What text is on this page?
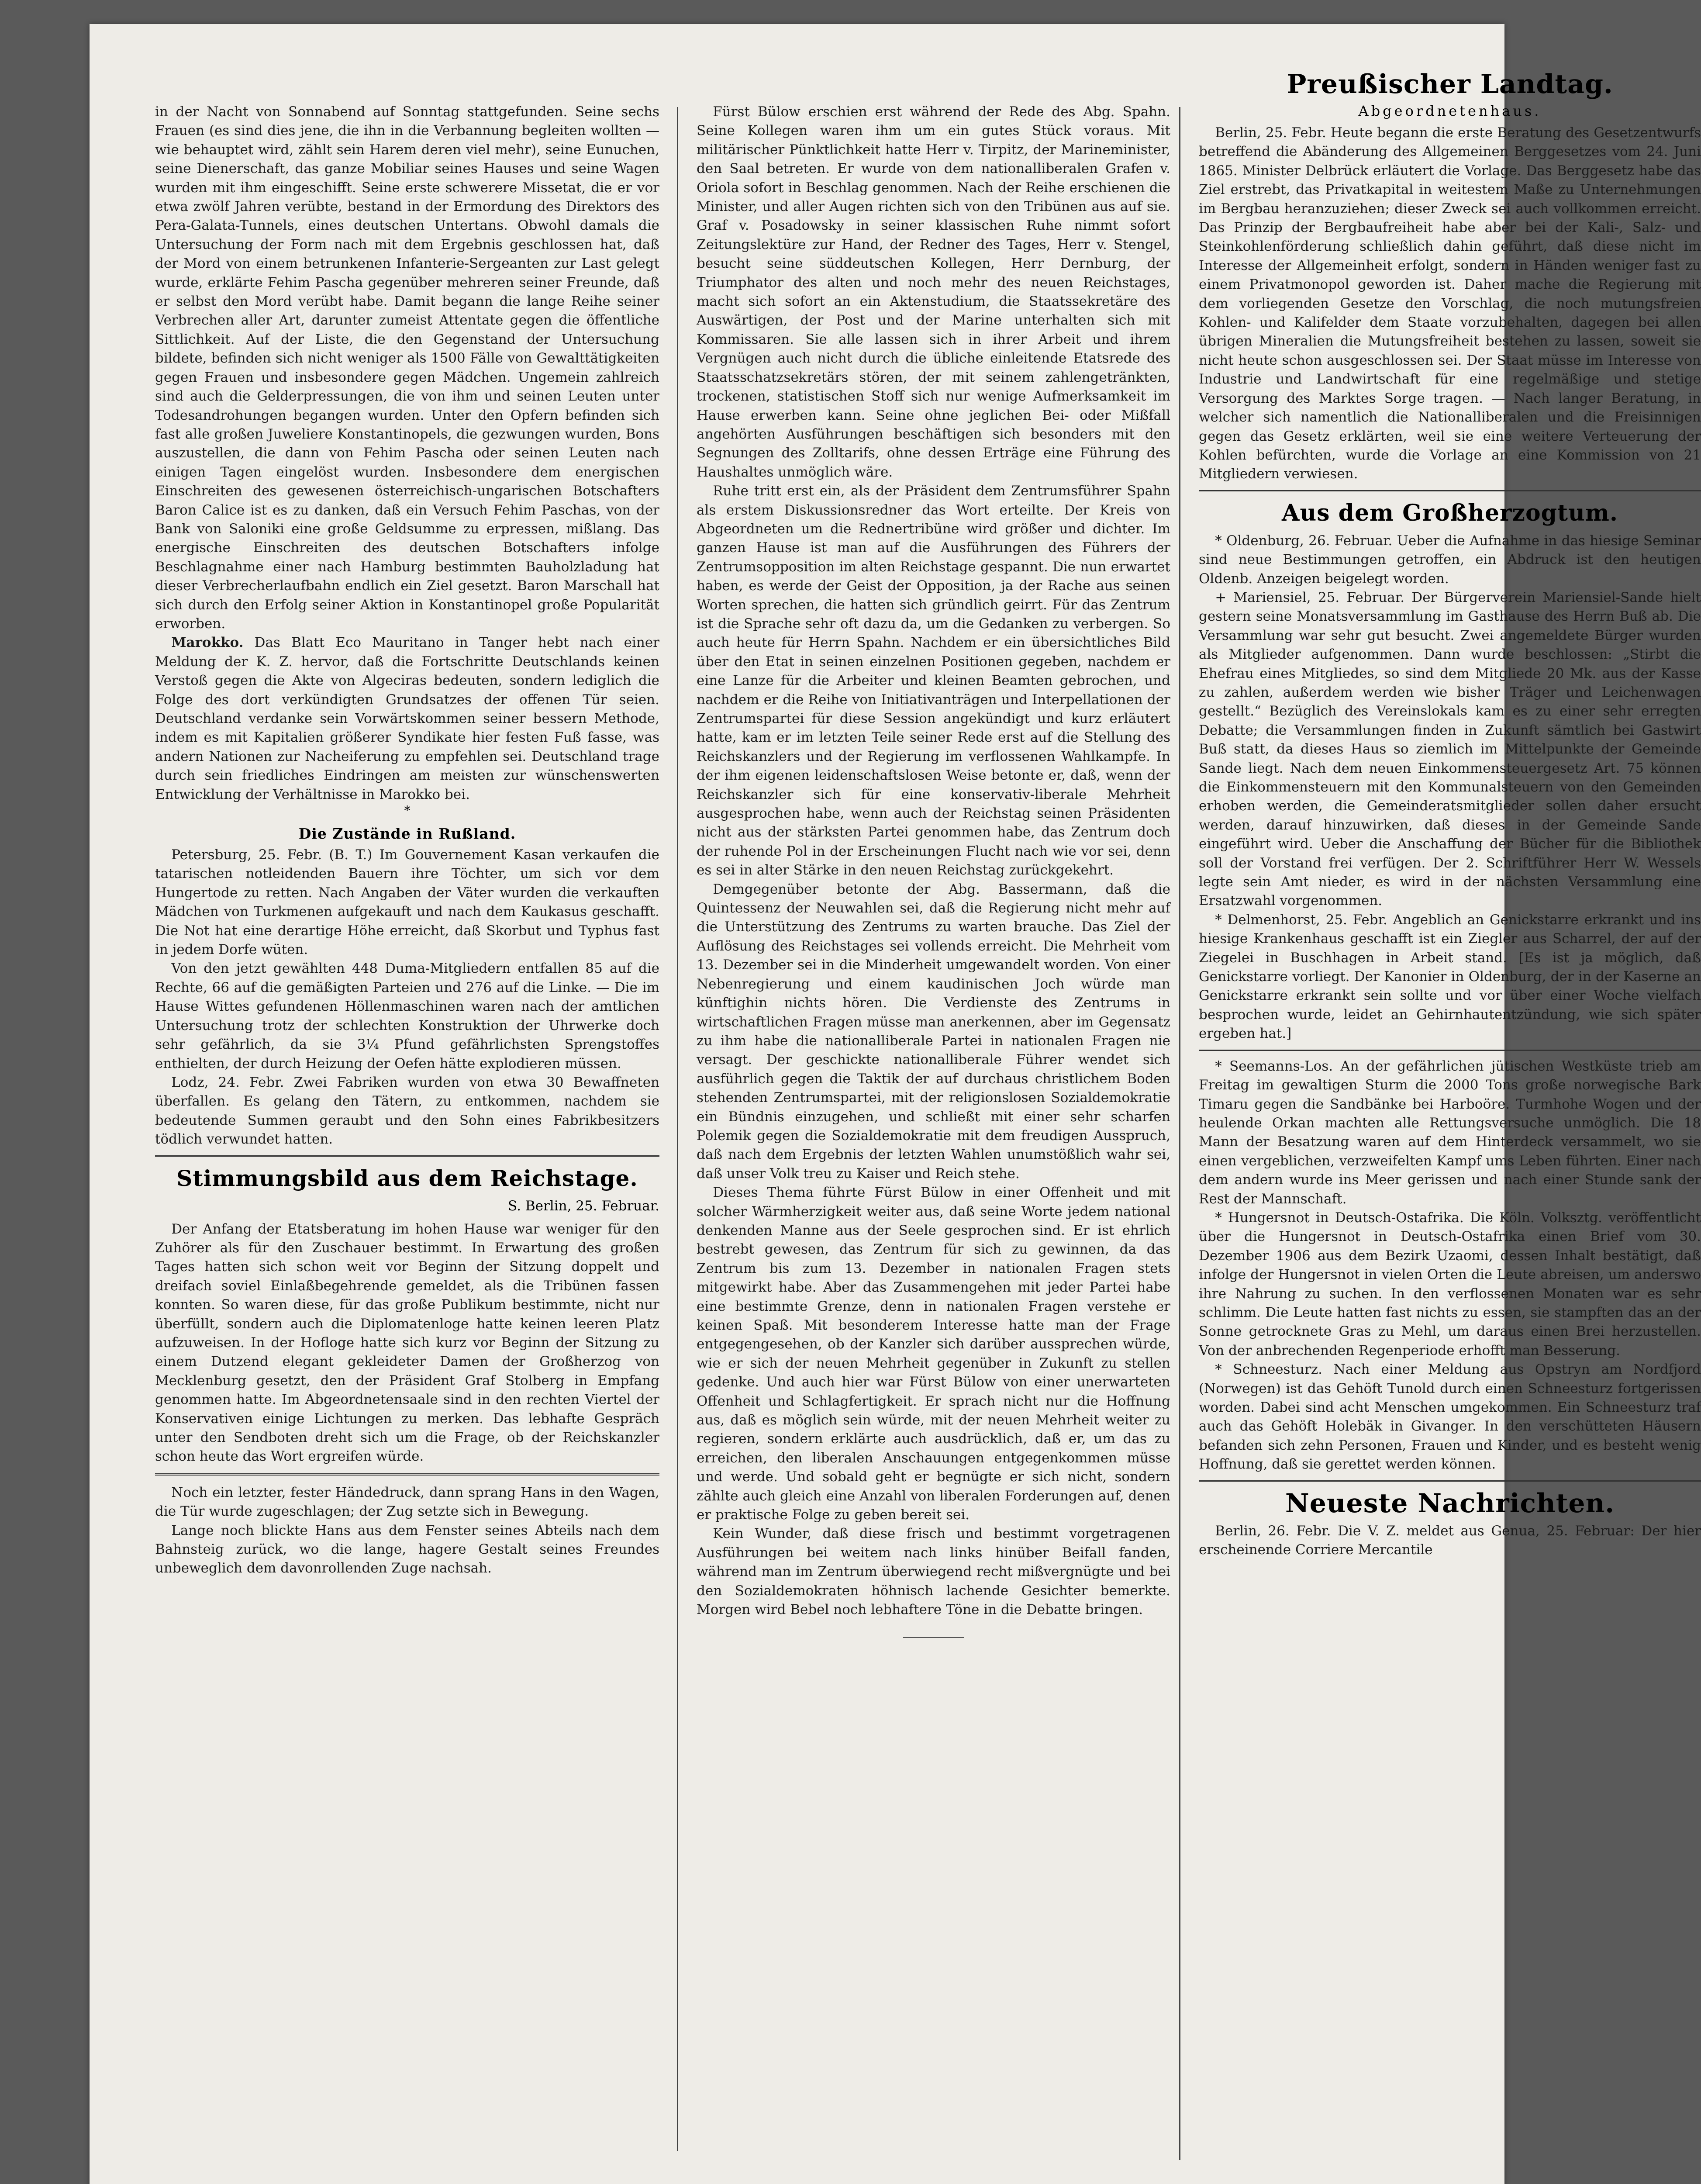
in der Nacht von Sonnabend auf Sonntag stattgefunden. Seine sechs Frauen (es sind dies jene, die ihn in die Verbannung begleiten wollten — wie behauptet wird, zählt sein Harem deren viel mehr), seine Eunuchen, seine Dienerschaft, das ganze Mobiliar seines Hauses und seine Wagen wurden mit ihm eingeschifft. Seine erste schwerere Missetat, die er vor etwa zwölf Jahren verübte, bestand in der Ermordung des Direktors des Pera-Galata-Tunnels, eines deutschen Untertans. Obwohl damals die Untersuchung der Form nach mit dem Ergebnis geschlossen hat, daß der Mord von einem betrunkenen Infanterie-Sergeanten zur Last gelegt wurde, erklärte Fehim Pascha gegenüber mehreren seiner Freunde, daß er selbst den Mord verübt habe. Damit begann die lange Reihe seiner Verbrechen aller Art, darunter zumeist Attentate gegen die öffentliche Sittlichkeit. Auf der Liste, die den Gegenstand der Untersuchung bildete, befinden sich nicht weniger als 1500 Fälle von Gewalttätigkeiten gegen Frauen und insbesondere gegen Mädchen. Ungemein zahlreich sind auch die Gelderpressungen, die von ihm und seinen Leuten unter Todesandrohungen begangen wurden. Unter den Opfern befinden sich fast alle großen Juweliere Konstantinopels, die gezwungen wurden, Bons auszustellen, die dann von Fehim Pascha oder seinen Leuten nach einigen Tagen eingelöst wurden. Insbesondere dem energischen Einschreiten des gewesenen österreichisch-ungarischen Botschafters Baron Calice ist es zu danken, daß ein Versuch Fehim Paschas, von der Bank von Saloniki eine große Geldsumme zu erpressen, mißlang. Das energische Einschreiten des deutschen Botschafters infolge Beschlagnahme einer nach Hamburg bestimmten Bauholzladung hat dieser Verbrecherlaufbahn endlich ein Ziel gesetzt. Baron Marschall hat sich durch den Erfolg seiner Aktion in Konstantinopel große Popularität erworben.

Marokko. Das Blatt Eco Mauritano in Tanger hebt nach einer Meldung der K. Z. hervor, daß die Fortschritte Deutschlands keinen Verstoß gegen die Akte von Algeciras bedeuten, sondern lediglich die Folge des dort verkündigten Grundsatzes der offenen Tür seien. Deutschland verdanke sein Vorwärtskommen seiner bessern Methode, indem es mit Kapitalien größerer Syndikate hier festen Fuß fasse, was andern Nationen zur Nacheiferung zu empfehlen sei. Deutschland trage durch sein friedliches Eindringen am meisten zur wünschenswerten Entwicklung der Verhältnisse in Marokko bei.

*
Die Zustände in Rußland.

Petersburg, 25. Febr. (B. T.) Im Gouvernement Kasan verkaufen die tatarischen notleidenden Bauern ihre Töchter, um sich vor dem Hungertode zu retten. Nach Angaben der Väter wurden die verkauften Mädchen von Turkmenen aufgekauft und nach dem Kaukasus geschafft. Die Not hat eine derartige Höhe erreicht, daß Skorbut und Typhus fast in jedem Dorfe wüten.

Von den jetzt gewählten 448 Duma-Mitgliedern entfallen 85 auf die Rechte, 66 auf die gemäßigten Parteien und 276 auf die Linke. — Die im Hause Wittes gefundenen Höllenmaschinen waren nach der amtlichen Untersuchung trotz der schlechten Konstruktion der Uhrwerke doch sehr gefährlich, da sie 3¼ Pfund gefährlichsten Sprengstoffes enthielten, der durch Heizung der Oefen hätte explodieren müssen.

Lodz, 24. Febr. Zwei Fabriken wurden von etwa 30 Bewaffneten überfallen. Es gelang den Tätern, zu entkommen, nachdem sie bedeutende Summen geraubt und den Sohn eines Fabrikbesitzers tödlich verwundet hatten.

Stimmungsbild aus dem Reichstage.
S. Berlin, 25. Februar.

Der Anfang der Etatsberatung im hohen Hause war weniger für den Zuhörer als für den Zuschauer bestimmt. In Erwartung des großen Tages hatten sich schon weit vor Beginn der Sitzung doppelt und dreifach soviel Einlaßbegehrende gemeldet, als die Tribünen fassen konnten. So waren diese, für das große Publikum bestimmte, nicht nur überfüllt, sondern auch die Diplomatenloge hatte keinen leeren Platz aufzuweisen. In der Hofloge hatte sich kurz vor Beginn der Sitzung zu einem Dutzend elegant gekleideter Damen der Großherzog von Mecklenburg gesetzt, den der Präsident Graf Stolberg in Empfang genommen hatte. Im Abgeordnetensaale sind in den rechten Viertel der Konservativen einige Lichtungen zu merken. Das lebhafte Gespräch unter den Sendboten dreht sich um die Frage, ob der Reichskanzler schon heute das Wort ergreifen würde.

Noch ein letzter, fester Händedruck, dann sprang Hans in den Wagen, die Tür wurde zugeschlagen; der Zug setzte sich in Bewegung.

Lange noch blickte Hans aus dem Fenster seines Abteils nach dem Bahnsteig zurück, wo die lange, hagere Gestalt seines Freundes unbeweglich dem davonrollenden Zuge nachsah.

Fürst Bülow erschien erst während der Rede des Abg. Spahn. Seine Kollegen waren ihm um ein gutes Stück voraus. Mit militärischer Pünktlichkeit hatte Herr v. Tirpitz, der Marineminister, den Saal betreten. Er wurde von dem nationalliberalen Grafen v. Oriola sofort in Beschlag genommen. Nach der Reihe erschienen die Minister, und aller Augen richten sich von den Tribünen aus auf sie. Graf v. Posadowsky in seiner klassischen Ruhe nimmt sofort Zeitungslektüre zur Hand, der Redner des Tages, Herr v. Stengel, besucht seine süddeutschen Kollegen, Herr Dernburg, der Triumphator des alten und noch mehr des neuen Reichstages, macht sich sofort an ein Aktenstudium, die Staatssekretäre des Auswärtigen, der Post und der Marine unterhalten sich mit Kommissaren. Sie alle lassen sich in ihrer Arbeit und ihrem Vergnügen auch nicht durch die übliche einleitende Etatsrede des Staatsschatzsekretärs stören, der mit seinem zahlengetränkten, trockenen, statistischen Stoff sich nur wenige Aufmerksamkeit im Hause erwerben kann. Seine ohne jeglichen Bei- oder Mißfall angehörten Ausführungen beschäftigen sich besonders mit den Segnungen des Zolltarifs, ohne dessen Erträge eine Führung des Haushaltes unmöglich wäre.

Ruhe tritt erst ein, als der Präsident dem Zentrumsführer Spahn als erstem Diskussionsredner das Wort erteilte. Der Kreis von Abgeordneten um die Rednertribüne wird größer und dichter. Im ganzen Hause ist man auf die Ausführungen des Führers der Zentrumsopposition im alten Reichstage gespannt. Die nun erwartet haben, es werde der Geist der Opposition, ja der Rache aus seinen Worten sprechen, die hatten sich gründlich geirrt. Für das Zentrum ist die Sprache sehr oft dazu da, um die Gedanken zu verbergen. So auch heute für Herrn Spahn. Nachdem er ein übersichtliches Bild über den Etat in seinen einzelnen Positionen gegeben, nachdem er eine Lanze für die Arbeiter und kleinen Beamten gebrochen, und nachdem er die Reihe von Initiativanträgen und Interpellationen der Zentrumspartei für diese Session angekündigt und kurz erläutert hatte, kam er im letzten Teile seiner Rede erst auf die Stellung des Reichskanzlers und der Regierung im verflossenen Wahlkampfe. In der ihm eigenen leidenschaftslosen Weise betonte er, daß, wenn der Reichskanzler sich für eine konservativ-liberale Mehrheit ausgesprochen habe, wenn auch der Reichstag seinen Präsidenten nicht aus der stärksten Partei genommen habe, das Zentrum doch der ruhende Pol in der Erscheinungen Flucht nach wie vor sei, denn es sei in alter Stärke in den neuen Reichstag zurückgekehrt.

Demgegenüber betonte der Abg. Bassermann, daß die Quintessenz der Neuwahlen sei, daß die Regierung nicht mehr auf die Unterstützung des Zentrums zu warten brauche. Das Ziel der Auflösung des Reichstages sei vollends erreicht. Die Mehrheit vom 13. Dezember sei in die Minderheit umgewandelt worden. Von einer Nebenregierung und einem kaudinischen Joch würde man künftighin nichts hören. Die Verdienste des Zentrums in wirtschaftlichen Fragen müsse man anerkennen, aber im Gegensatz zu ihm habe die nationalliberale Partei in nationalen Fragen nie versagt. Der geschickte nationalliberale Führer wendet sich ausführlich gegen die Taktik der auf durchaus christlichem Boden stehenden Zentrumspartei, mit der religionslosen Sozialdemokratie ein Bündnis einzugehen, und schließt mit einer sehr scharfen Polemik gegen die Sozialdemokratie mit dem freudigen Ausspruch, daß nach dem Ergebnis der letzten Wahlen unumstößlich wahr sei, daß unser Volk treu zu Kaiser und Reich stehe.

Dieses Thema führte Fürst Bülow in einer Offenheit und mit solcher Wärmherzigkeit weiter aus, daß seine Worte jedem national denkenden Manne aus der Seele gesprochen sind. Er ist ehrlich bestrebt gewesen, das Zentrum für sich zu gewinnen, da das Zentrum bis zum 13. Dezember in nationalen Fragen stets mitgewirkt habe. Aber das Zusammengehen mit jeder Partei habe eine bestimmte Grenze, denn in nationalen Fragen verstehe er keinen Spaß. Mit besonderem Interesse hatte man der Frage entgegengesehen, ob der Kanzler sich darüber aussprechen würde, wie er sich der neuen Mehrheit gegenüber in Zukunft zu stellen gedenke. Und auch hier war Fürst Bülow von einer unerwarteten Offenheit und Schlagfertigkeit. Er sprach nicht nur die Hoffnung aus, daß es möglich sein würde, mit der neuen Mehrheit weiter zu regieren, sondern erklärte auch ausdrücklich, daß er, um das zu erreichen, den liberalen Anschauungen entgegenkommen müsse und werde. Und sobald geht er begnügte er sich nicht, sondern zählte auch gleich eine Anzahl von liberalen Forderungen auf, denen er praktische Folge zu geben bereit sei.

Kein Wunder, daß diese frisch und bestimmt vorgetragenen Ausführungen bei weitem nach links hinüber Beifall fanden, während man im Zentrum überwiegend recht mißvergnügte und bei den Sozialdemokraten höhnisch lachende Gesichter bemerkte. Morgen wird Bebel noch lebhaftere Töne in die Debatte bringen.

Preußischer Landtag.
Abgeordnetenhaus.

Berlin, 25. Febr. Heute begann die erste Beratung des Gesetzentwurfs betreffend die Abänderung des Allgemeinen Berggesetzes vom 24. Juni 1865. Minister Delbrück erläutert die Vorlage. Das Berggesetz habe das Ziel erstrebt, das Privatkapital in weitestem Maße zu Unternehmungen im Bergbau heranzuziehen; dieser Zweck sei auch vollkommen erreicht. Das Prinzip der Bergbaufreiheit habe aber bei der Kali-, Salz- und Steinkohlenförderung schließlich dahin geführt, daß diese nicht im Interesse der Allgemeinheit erfolgt, sondern in Händen weniger fast zu einem Privatmonopol geworden ist. Daher mache die Regierung mit dem vorliegenden Gesetze den Vorschlag, die noch mutungsfreien Kohlen- und Kalifelder dem Staate vorzubehalten, dagegen bei allen übrigen Mineralien die Mutungsfreiheit bestehen zu lassen, soweit sie nicht heute schon ausgeschlossen sei. Der Staat müsse im Interesse von Industrie und Landwirtschaft für eine regelmäßige und stetige Versorgung des Marktes Sorge tragen. — Nach langer Beratung, in welcher sich namentlich die Nationalliberalen und die Freisinnigen gegen das Gesetz erklärten, weil sie eine weitere Verteuerung der Kohlen befürchten, wurde die Vorlage an eine Kommission von 21 Mitgliedern verwiesen.

Aus dem Großherzogtum.

* Oldenburg, 26. Februar. Ueber die Aufnahme in das hiesige Seminar sind neue Bestimmungen getroffen, ein Abdruck ist den heutigen Oldenb. Anzeigen beigelegt worden.

+ Mariensiel, 25. Februar. Der Bürgerverein Mariensiel-Sande hielt gestern seine Monatsversammlung im Gasthause des Herrn Buß ab. Die Versammlung war sehr gut besucht. Zwei angemeldete Bürger wurden als Mitglieder aufgenommen. Dann wurde beschlossen: „Stirbt die Ehefrau eines Mitgliedes, so sind dem Mitgliede 20 Mk. aus der Kasse zu zahlen, außerdem werden wie bisher Träger und Leichenwagen gestellt.“ Bezüglich des Vereinslokals kam es zu einer sehr erregten Debatte; die Versammlungen finden in Zukunft sämtlich bei Gastwirt Buß statt, da dieses Haus so ziemlich im Mittelpunkte der Gemeinde Sande liegt. Nach dem neuen Einkommensteuergesetz Art. 75 können die Einkommensteuern mit den Kommunalsteuern von den Gemeinden erhoben werden, die Gemeinderatsmitglieder sollen daher ersucht werden, darauf hinzuwirken, daß dieses in der Gemeinde Sande eingeführt wird. Ueber die Anschaffung der Bücher für die Bibliothek soll der Vorstand frei verfügen. Der 2. Schriftführer Herr W. Wessels legte sein Amt nieder, es wird in der nächsten Versammlung eine Ersatzwahl vorgenommen.

* Delmenhorst, 25. Febr. Angeblich an Genickstarre erkrankt und ins hiesige Krankenhaus geschafft ist ein Ziegler aus Scharrel, der auf der Ziegelei in Buschhagen in Arbeit stand. [Es ist ja möglich, daß Genickstarre vorliegt. Der Kanonier in Oldenburg, der in der Kaserne an Genickstarre erkrankt sein sollte und vor über einer Woche vielfach besprochen wurde, leidet an Gehirnhautentzündung, wie sich später ergeben hat.]

* Seemanns-Los. An der gefährlichen jütischen Westküste trieb am Freitag im gewaltigen Sturm die 2000 Tons große norwegische Bark Timaru gegen die Sandbänke bei Harboöre. Turmhohe Wogen und der heulende Orkan machten alle Rettungsversuche unmöglich. Die 18 Mann der Besatzung waren auf dem Hinterdeck versammelt, wo sie einen vergeblichen, verzweifelten Kampf ums Leben führten. Einer nach dem andern wurde ins Meer gerissen und nach einer Stunde sank der Rest der Mannschaft.

* Hungersnot in Deutsch-Ostafrika. Die Köln. Volksztg. veröffentlicht über die Hungersnot in Deutsch-Ostafrika einen Brief vom 30. Dezember 1906 aus dem Bezirk Uzaomi, dessen Inhalt bestätigt, daß infolge der Hungersnot in vielen Orten die Leute abreisen, um anderswo ihre Nahrung zu suchen. In den verflossenen Monaten war es sehr schlimm. Die Leute hatten fast nichts zu essen, sie stampften das an der Sonne getrocknete Gras zu Mehl, um daraus einen Brei herzustellen. Von der anbrechenden Regenperiode erhofft man Besserung.

* Schneesturz. Nach einer Meldung aus Opstryn am Nordfjord (Norwegen) ist das Gehöft Tunold durch einen Schneesturz fortgerissen worden. Dabei sind acht Menschen umgekommen. Ein Schneesturz traf auch das Gehöft Holebäk in Givanger. In den verschütteten Häusern befanden sich zehn Personen, Frauen und Kinder, und es besteht wenig Hoffnung, daß sie gerettet werden können.

Neueste Nachrichten.

Berlin, 26. Febr. Die V. Z. meldet aus Genua, 25. Februar: Der hier erscheinende Corriere Mercantile
